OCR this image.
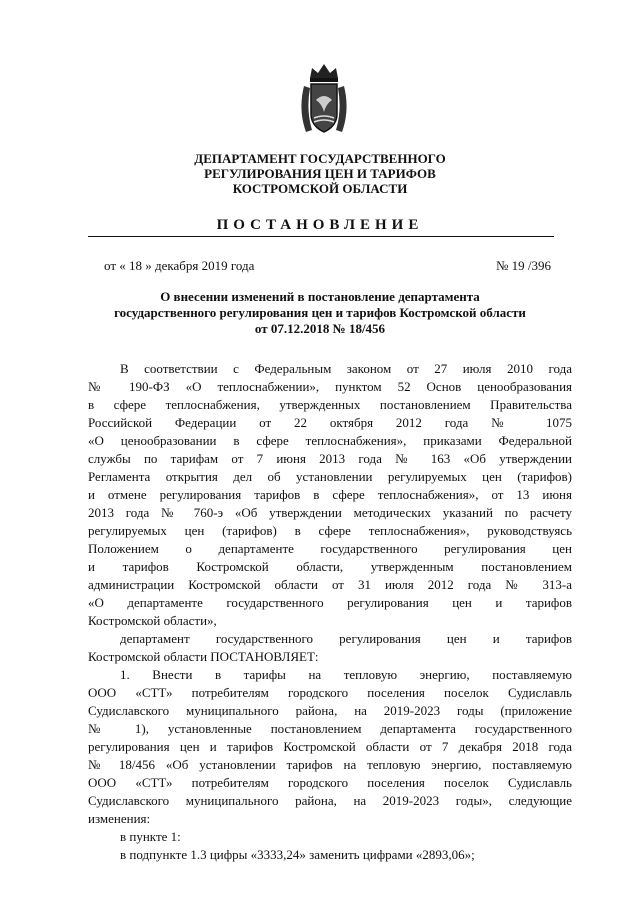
ДЕПАРТАМЕНТ ГОСУДАРСТВЕННОГО
РЕГУЛИРОВАНИЯ ЦЕН И ТАРИФОВ
КОСТРОМСКОЙ ОБЛАСТИ
ПОСТАНОВЛЕНИЕ
от « 18 » декабря 2019 года	№ 19 /396
О внесении изменений в постановление департамента
государственного регулирования цен и тарифов Костромской области
от 07.12.2018 № 18/456
В соответствии с Федеральным законом от 27 июля 2010 года
№ 190-ФЗ «О теплоснабжении», пунктом 52 Основ ценообразования
в сфере теплоснабжения, утвержденных постановлением Правительства
Российской Федерации от 22 октября 2012 года № 1075
«О ценообразовании в сфере теплоснабжения», приказами Федеральной
службы по тарифам от 7 июня 2013 года № 163 «Об утверждении
Регламента открытия дел об установлении регулируемых цен (тарифов)
и отмене регулирования тарифов в сфере теплоснабжения», от 13 июня
2013 года № 760-э «Об утверждении методических указаний по расчету
регулируемых цен (тарифов) в сфере теплоснабжения», руководствуясь
Положением о департаменте государственного регулирования цен
и тарифов Костромской области, утвержденным постановлением
администрации Костромской области от 31 июля 2012 года № 313-а
«О департаменте государственного регулирования цен и тарифов
Костромской области»,
департамент государственного регулирования цен и тарифов
Костромской области ПОСТАНОВЛЯЕТ:
1. Внести в тарифы на тепловую энергию, поставляемую
ООО «СТТ» потребителям городского поселения поселок Судиславль
Судиславского муниципального района, на 2019-2023 годы (приложение
№ 1), установленные постановлением департамента государственного
регулирования цен и тарифов Костромской области от 7 декабря 2018 года
№ 18/456 «Об установлении тарифов на тепловую энергию, поставляемую
ООО «СТТ» потребителям городского поселения поселок Судиславль
Судиславского муниципального района, на 2019-2023 годы», следующие
изменения:
в пункте 1:
в подпункте 1.3 цифры «3333,24» заменить цифрами «2893,06»;
